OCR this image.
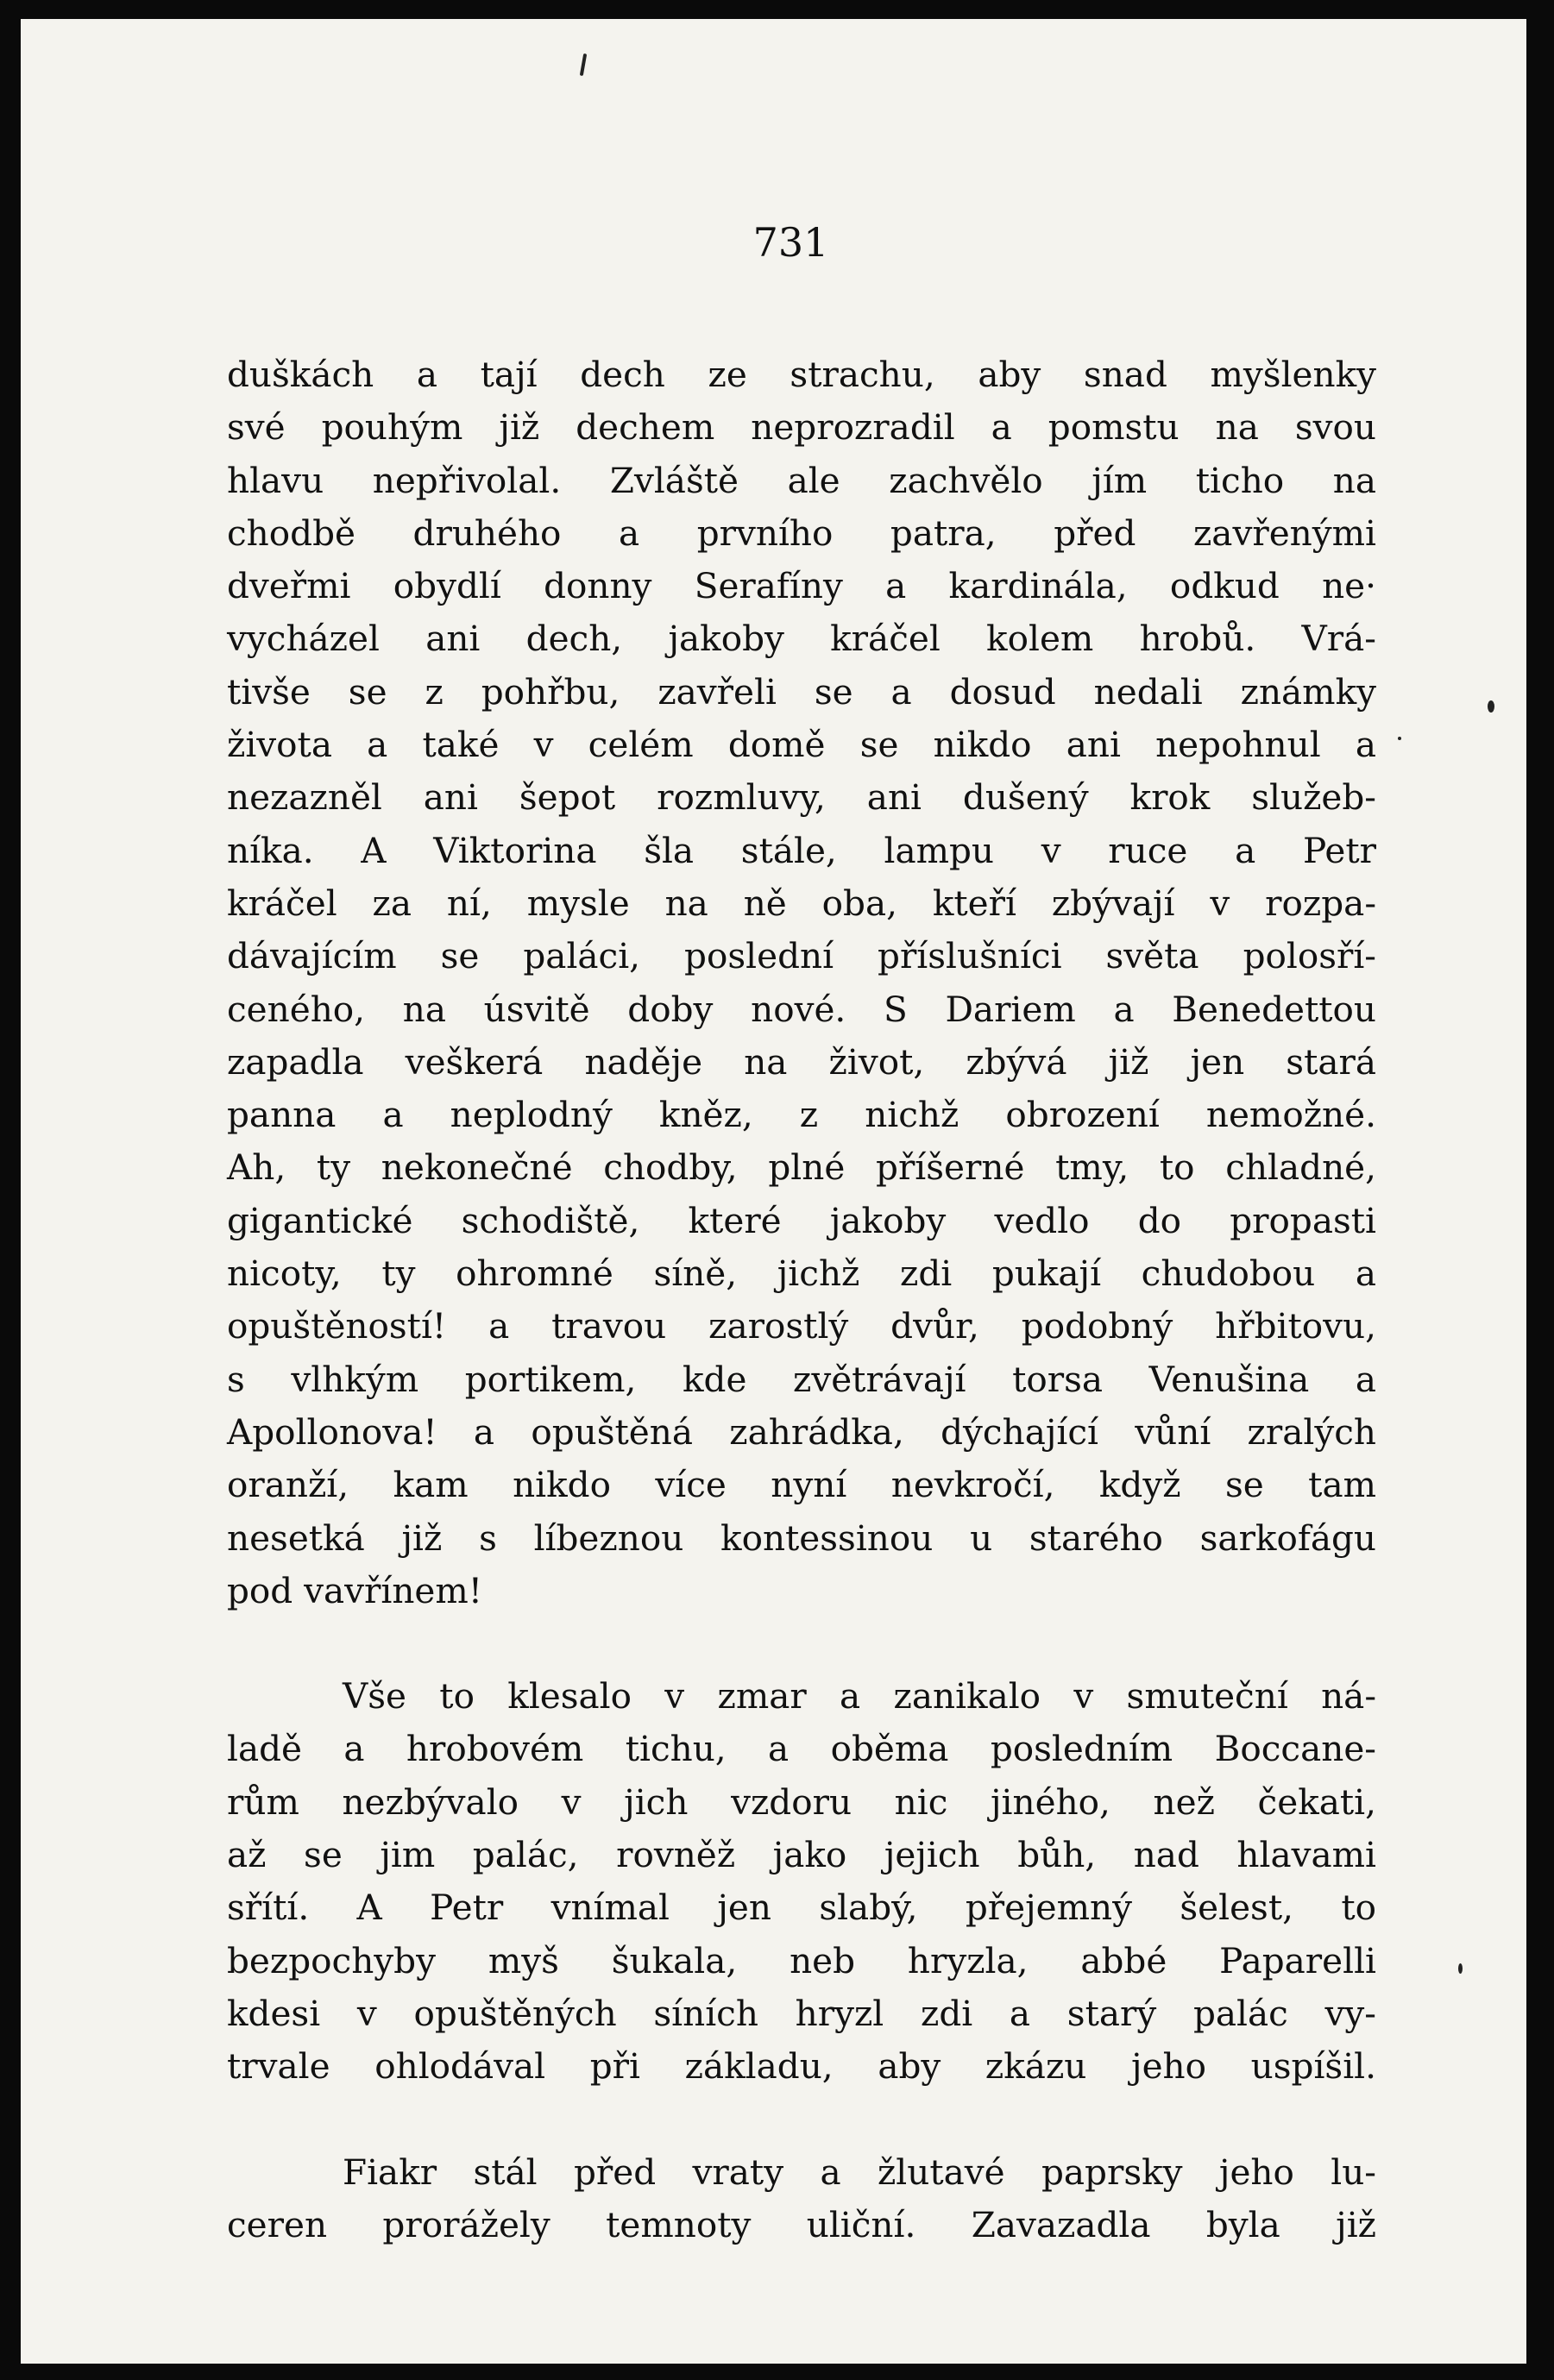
731
duškách a tají dech ze strachu, aby snad myšlenky
své pouhým již dechem neprozradil a pomstu na svou
hlavu nepřivolal. Zvláště ale zachvělo jím ticho na
chodbě druhého a prvního patra, před zavřenými
dveřmi obydlí donny Serafíny a kardinála, odkud ne·
vycházel ani dech, jakoby kráčel kolem hrobů. Vrá-
tivše se z pohřbu, zavřeli se a dosud nedali známky
života a také v celém domě se nikdo ani nepohnul a
nezazněl ani šepot rozmluvy, ani dušený krok služeb-
níka. A Viktorina šla stále, lampu v ruce a Petr
kráčel za ní, mysle na ně oba, kteří zbývají v rozpa-
dávajícím se paláci, poslední příslušníci světa polosří-
ceného, na úsvitě doby nové. S Dariem a Benedettou
zapadla veškerá naděje na život, zbývá již jen stará
panna a neplodný kněz, z nichž obrození nemožné.
Ah, ty nekonečné chodby, plné příšerné tmy, to chladné,
gigantické schodiště, které jakoby vedlo do propasti
nicoty, ty ohromné síně, jichž zdi pukají chudobou a
opuštěností! a travou zarostlý dvůr, podobný hřbitovu,
s vlhkým portikem, kde zvětrávají torsa Venušina a
Apollonova! a opuštěná zahrádka, dýchající vůní zralých
oranží, kam nikdo více nyní nevkročí, když se tam
nesetká již s líbeznou kontessinou u starého sarkofágu
pod vavřínem!
Vše to klesalo v zmar a zanikalo v smuteční ná-
ladě a hrobovém tichu, a oběma posledním Boccane-
rům nezbývalo v jich vzdoru nic jiného, než čekati,
až se jim palác, rovněž jako jejich bůh, nad hlavami
sřítí. A Petr vnímal jen slabý, přejemný šelest, to
bezpochyby myš šukala, neb hryzla, abbé Paparelli
kdesi v opuštěných síních hryzl zdi a starý palác vy-
trvale ohlodával při základu, aby zkázu jeho uspíšil.
Fiakr stál před vraty a žlutavé paprsky jeho lu-
ceren prorážely temnoty uliční. Zavazadla byla již
